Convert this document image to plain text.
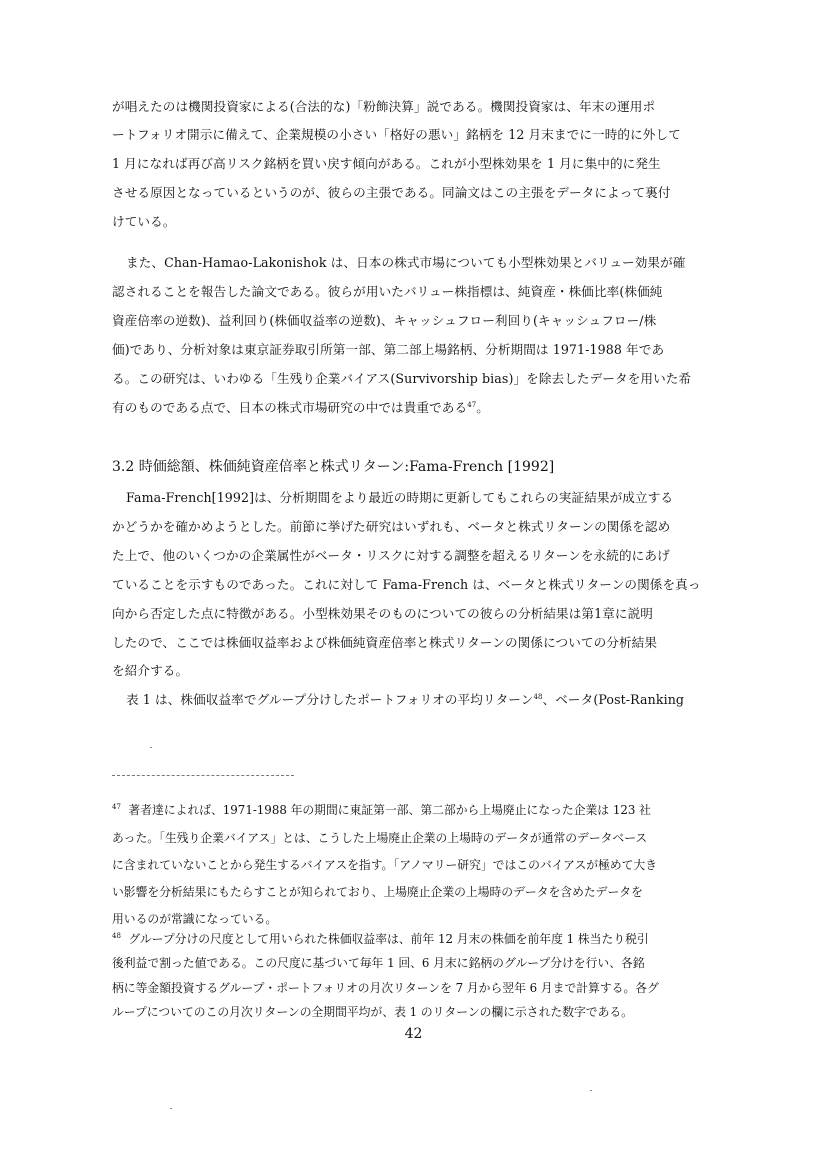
が唱えたのは機関投資家による(合法的な)「粉飾決算」説である。機関投資家は、年末の運用ポ
ートフォリオ開示に備えて、企業規模の小さい「格好の悪い」銘柄を 12 月末までに一時的に外して
1 月になれば再び高リスク銘柄を買い戻す傾向がある。これが小型株効果を 1 月に集中的に発生
させる原因となっているというのが、彼らの主張である。同論文はこの主張をデータによって裏付
けている。
また、Chan-Hamao-Lakonishok は、日本の株式市場についても小型株効果とバリュー効果が確
認されることを報告した論文である。彼らが用いたバリュー株指標は、純資産・株価比率(株価純
資産倍率の逆数)、益利回り(株価収益率の逆数)、キャッシュフロー利回り(キャッシュフロー/株
価)であり、分析対象は東京証券取引所第一部、第二部上場銘柄、分析期間は 1971-1988 年であ
る。この研究は、いわゆる「生残り企業バイアス(Survivorship bias)」を除去したデータを用いた希
有のものである点で、日本の株式市場研究の中では貴重である$^{47}$。
3.2 時価総額、株価純資産倍率と株式リターン:Fama-French [1992]
Fama-French[1992]は、分析期間をより最近の時期に更新してもこれらの実証結果が成立する
かどうかを確かめようとした。前節に挙げた研究はいずれも、ベータと株式リターンの関係を認め
た上で、他のいくつかの企業属性がベータ・リスクに対する調整を超えるリターンを永続的にあげ
ていることを示すものであった。これに対して Fama-French は、ベータと株式リターンの関係を真っ
向から否定した点に特徴がある。小型株効果そのものについての彼らの分析結果は第1章に説明
したので、ここでは株価収益率および株価純資産倍率と株式リターンの関係についての分析結果
を紹介する。
表 1 は、株価収益率でグループ分けしたポートフォリオの平均リターン$^{48}$、ベータ(Post-Ranking
$^{47}$ 著者達によれば、1971-1988 年の期間に東証第一部、第二部から上場廃止になった企業は 123 社
あった。「生残り企業バイアス」とは、こうした上場廃止企業の上場時のデータが通常のデータベース
に含まれていないことから発生するバイアスを指す。「アノマリー研究」ではこのバイアスが極めて大き
い影響を分析結果にもたらすことが知られており、上場廃止企業の上場時のデータを含めたデータを
用いるのが常識になっている。
$^{48}$ グループ分けの尺度として用いられた株価収益率は、前年 12 月末の株価を前年度 1 株当たり税引
後利益で割った値である。この尺度に基づいて毎年 1 回、6 月末に銘柄のグループ分けを行い、各銘
柄に等金額投資するグループ・ポートフォリオの月次リターンを 7 月から翌年 6 月まで計算する。各グ
ループについてのこの月次リターンの全期間平均が、表 1 のリターンの欄に示された数字である。
42
